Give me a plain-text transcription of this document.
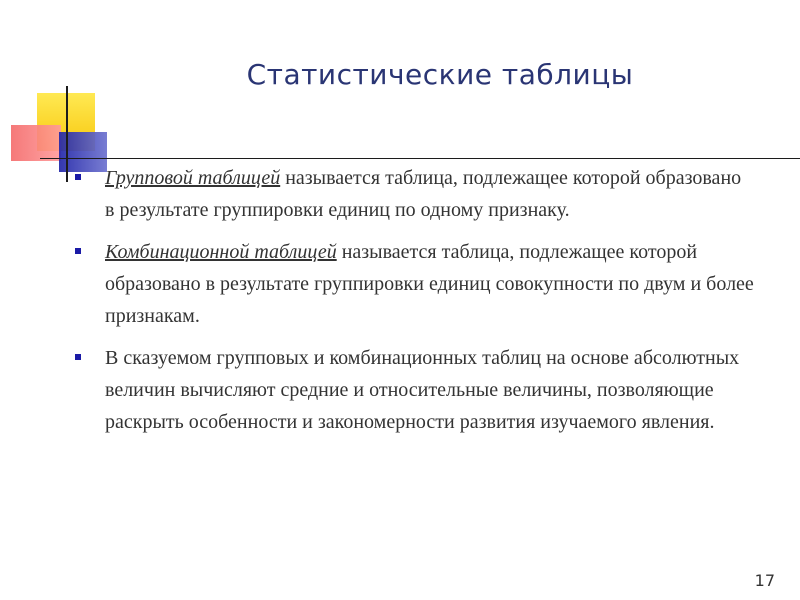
Статистические таблицы
Групповой таблицей называется таблица, подлежащее которой образовано в результате группировки единиц по одному признаку.
Комбинационной таблицей называется таблица, подлежащее которой образовано в результате группировки единиц совокупности по двум и более признакам.
В сказуемом групповых и комбинационных таблиц на основе абсолютных величин вычисляют средние и относительные величины, позволяющие раскрыть особенности и закономерности развития изучаемого явления.
17
